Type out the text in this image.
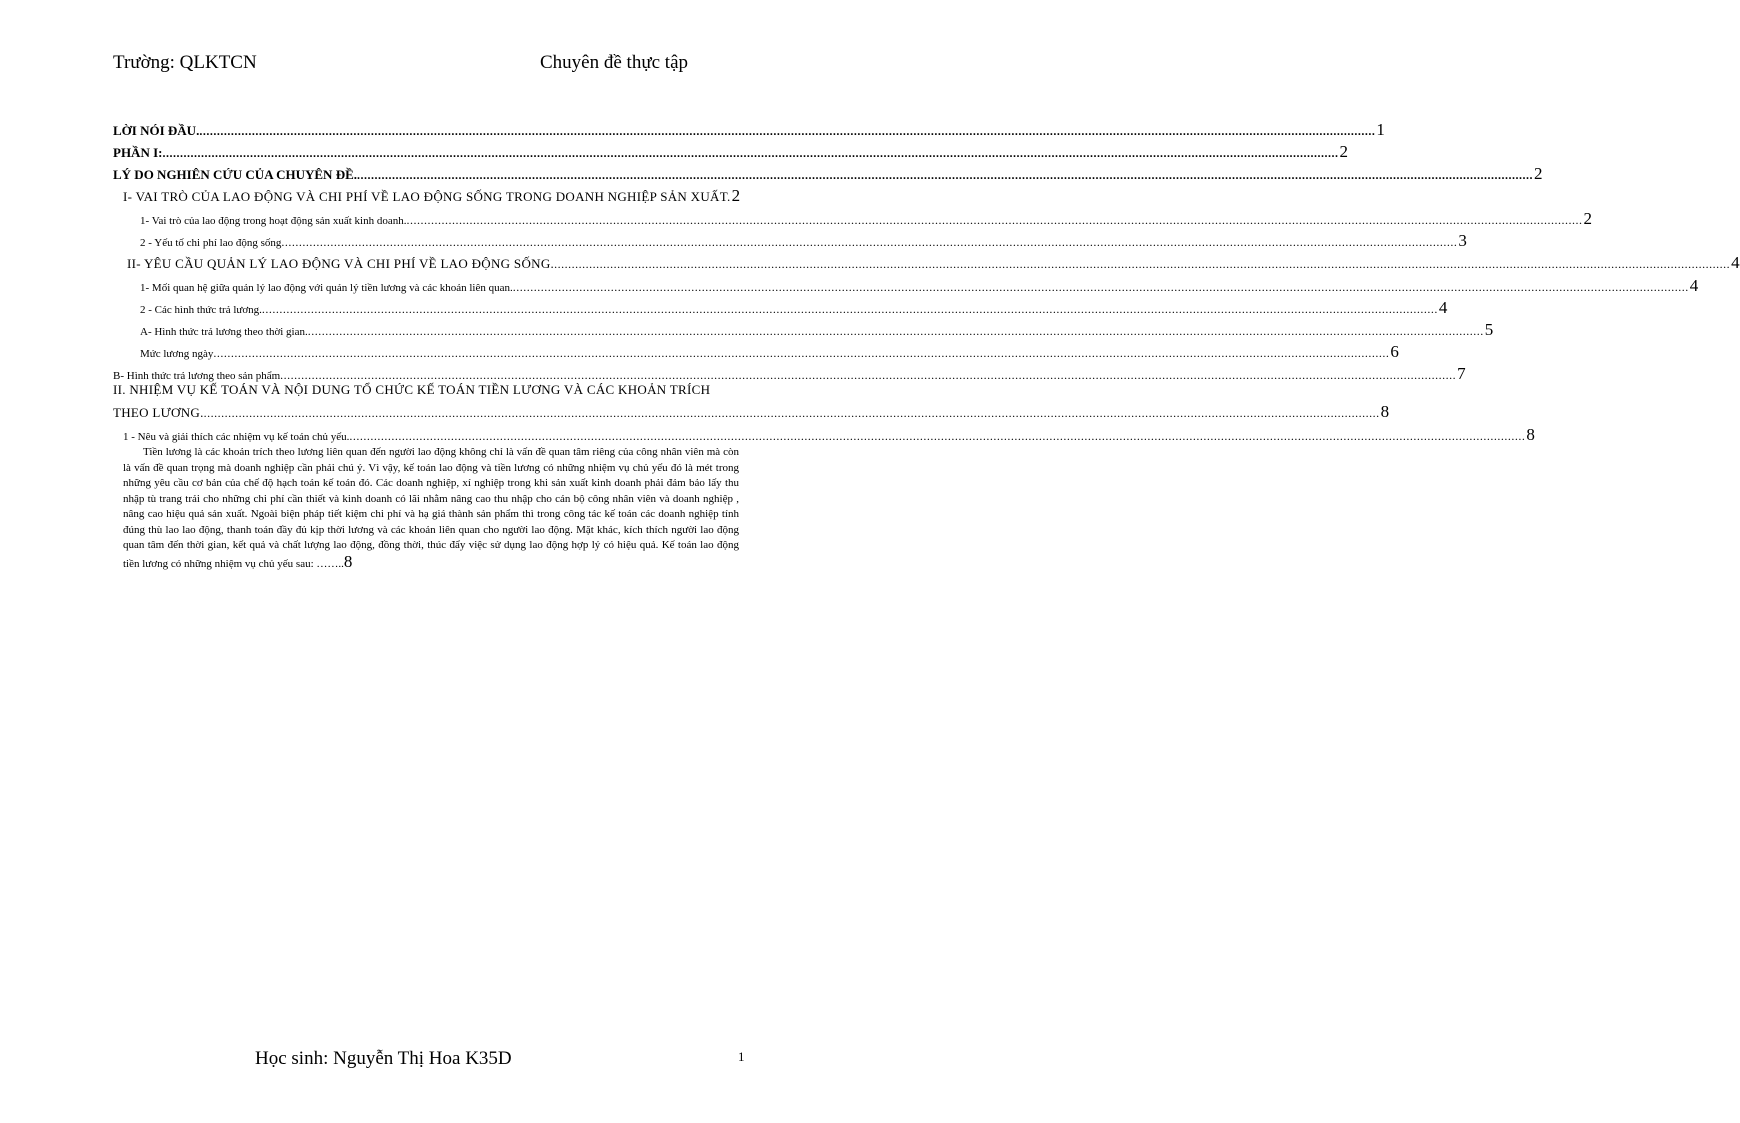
Trường: QLKTCN	Chuyên đề thực tập
LỜI NÓI ĐẦU. .....	1
PHẦN I: .....	2
LÝ DO NGHIÊN CỨU CỦA CHUYÊN ĐỀ. .....	2
I- VAI TRÒ CỦA LAO ĐỘNG VÀ CHI PHÍ VỀ LAO ĐỘNG SỐNG TRONG DOANH NGHIỆP SẢN XUẤT. 2
1- Vai trò của lao động trong hoạt động sản xuất kinh doanh. .....	2
2 - Yếu tố chi phí lao động sống .....	3
II- YÊU CẦU QUẢN LÝ LAO ĐỘNG VÀ CHI PHÍ VỀ LAO ĐỘNG SỐNG. .....	4
1- Mối quan hệ giữa quản lý lao động với quản lý tiền lương và các khoản liên quan. .....	4
2 - Các hình thức trả lương. .....	4
A- Hình thức trả lương theo thời gian. .....	5
Mức lương ngày .....	6
B- Hình thức trả lương theo sản phẩm .....	7
II. NHIỆM VỤ KẾ TOÁN VÀ NỘI DUNG TỔ CHỨC KẾ TOÁN TIỀN LƯƠNG VÀ CÁC KHOẢN TRÍCH
THEO LƯƠNG. .....	8
1 - Nêu và giải thích các nhiệm vụ kế toán chủ yếu. .....	8

Tiền lương là các khoản trích theo lương liên quan đến người lao động không chỉ là vấn đề quan tâm riêng của công nhân viên mà còn là vấn đề quan trọng mà doanh nghiệp cần phải chú ý. Vì vậy, kế toán lao động và tiền lương có những nhiệm vụ chủ yếu đó là mét trong những yêu cầu cơ bản của chế độ hạch toán kế toán đó. Các doanh nghiệp, xí nghiệp trong khi sản xuất kinh doanh phải đảm bảo lấy thu nhập tù trang trải cho những chi phí cần thiết và kinh doanh có lãi nhằm nâng cao thu nhập cho cán bộ công nhân viên và doanh nghiệp , nâng cao hiệu quả sản xuất. Ngoài biện pháp tiết kiệm chi phí và hạ giá thành sản phẩm thì trong công tác kế toán các doanh nghiệp tính đúng thù lao lao động, thanh toán đầy đủ kịp thời lương và các khoản liên quan cho người lao động. Mặt khác, kích thích người lao động quan tâm đến thời gian, kết quả và chất lượng lao động, đồng thời, thúc đẩy việc sử dụng lao động hợp lý có hiệu quả. Kế toán lao động tiền lương có những nhiệm vụ chủ yếu sau: ……..8

Học sinh: Nguyễn Thị Hoa K35D	1
